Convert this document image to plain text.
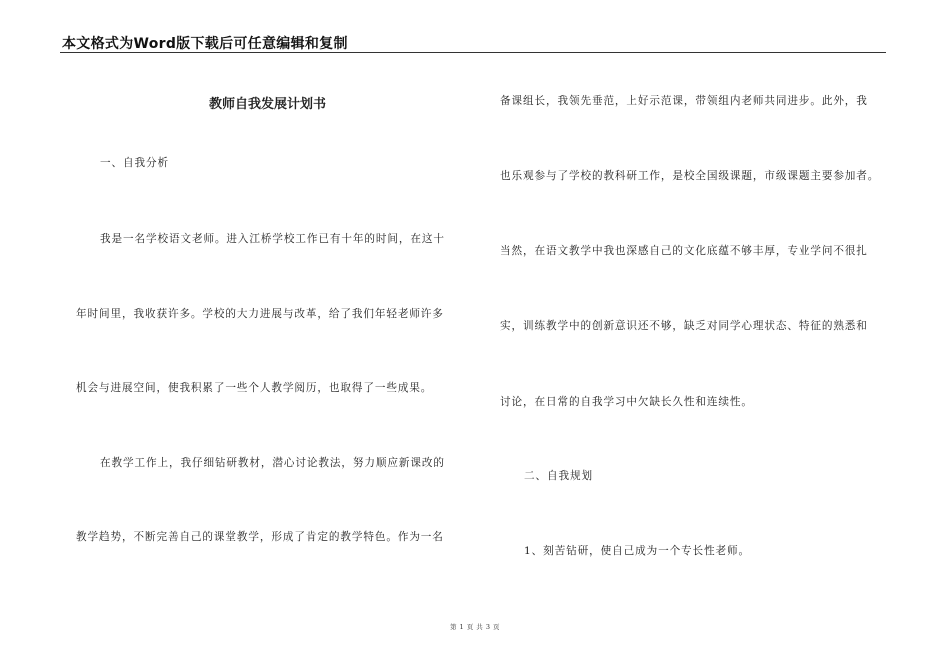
本文格式为Word版下载后可任意编辑和复制
教师自我发展计划书
一、自我分析
我是一名学校语文老师。进入江桥学校工作已有十年的时间，在这十
年时间里，我收获许多。学校的大力进展与改革，给了我们年轻老师许多
机会与进展空间，使我积累了一些个人教学阅历，也取得了一些成果。
在教学工作上，我仔细钻研教材，潜心讨论教法，努力顺应新课改的
教学趋势，不断完善自己的课堂教学，形成了肯定的教学特色。作为一名
备课组长，我领先垂范，上好示范课，带领组内老师共同进步。此外，我
也乐观参与了学校的教科研工作，是校全国级课题，市级课题主要参加者。
当然，在语文教学中我也深感自己的文化底蕴不够丰厚，专业学问不很扎
实，训练教学中的创新意识还不够，缺乏对同学心理状态、特征的熟悉和
讨论，在日常的自我学习中欠缺长久性和连续性。
二、自我规划
1、刻苦钻研，使自己成为一个专长性老师。
第 1 页 共 3 页
